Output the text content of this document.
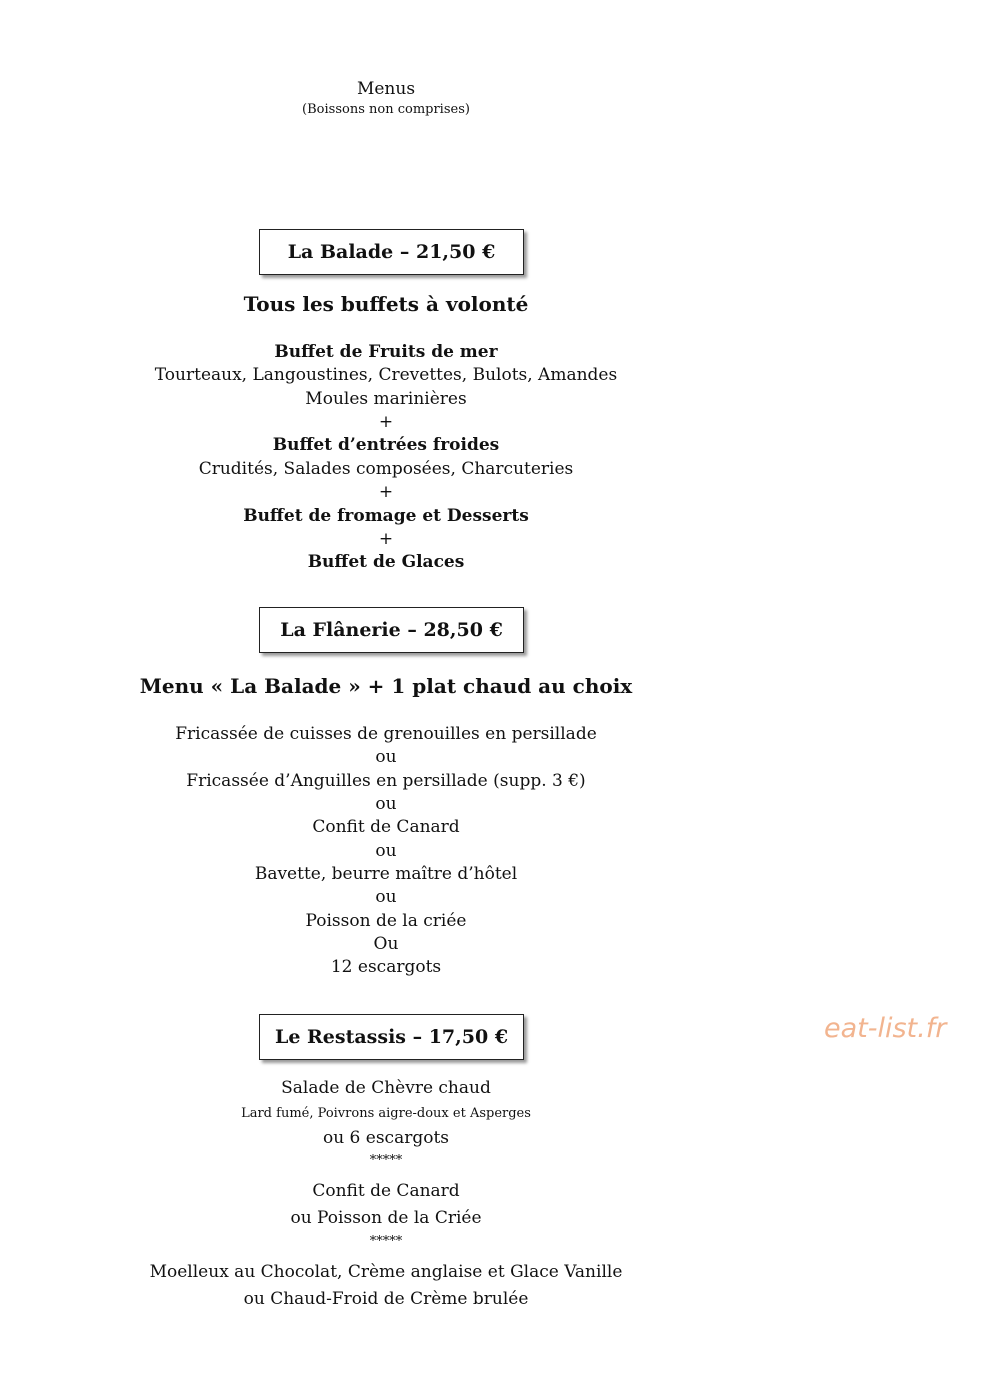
Menus
(Boissons non comprises)
La Balade – 21,50 €
Tous les buffets à volonté
Buffet de Fruits de mer
Tourteaux, Langoustines, Crevettes, Bulots, Amandes
Moules marinières
+
Buffet d’entrées froides
Crudités, Salades composées, Charcuteries
+
Buffet de fromage et Desserts
+
Buffet de Glaces
La Flânerie – 28,50 €
Menu « La Balade » + 1 plat chaud au choix
Fricassée de cuisses de grenouilles en persillade
ou
Fricassée d’Anguilles en persillade (supp. 3 €)
ou
Confit de Canard
ou
Bavette, beurre maître d’hôtel
ou
Poisson de la criée
Ou
12 escargots
Le Restassis – 17,50 €
Salade de Chèvre chaud
Lard fumé, Poivrons aigre-doux et Asperges
ou 6 escargots
*****
Confit de Canard
ou Poisson de la Criée
*****
Moelleux au Chocolat, Crème anglaise et Glace Vanille
ou Chaud-Froid de Crème brulée
eat-list.fr
